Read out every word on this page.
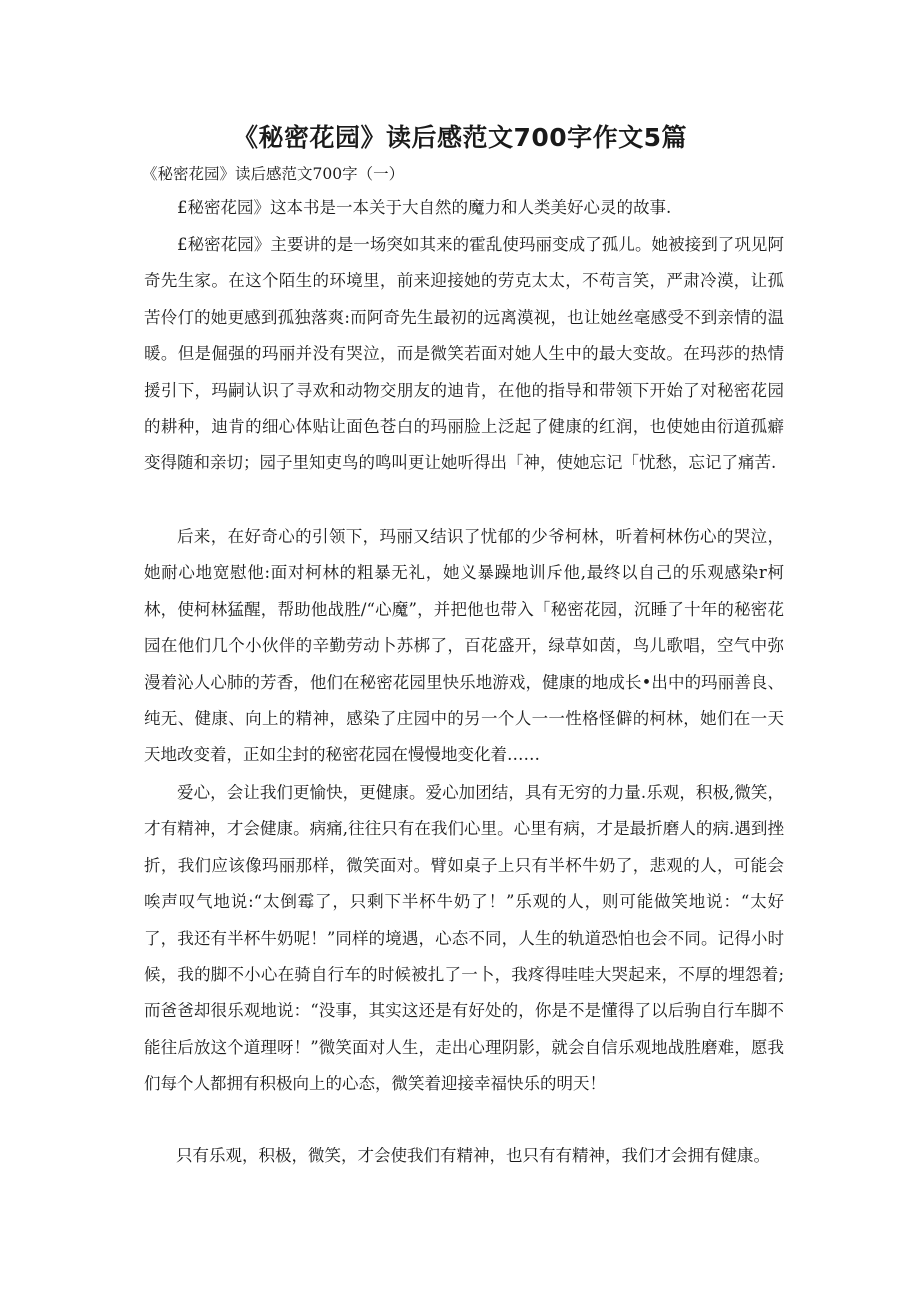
《秘密花园》读后感范文700字作文5篇

《秘密花园》读后感范文700字（一）

£秘密花园》这本书是一本关于大自然的魔力和人类美好心灵的故事.

£秘密花园》主要讲的是一场突如其来的霍乱使玛丽变成了孤儿。她被接到了巩见阿奇先生家。在这个陌生的环境里，前来迎接她的劳克太太，不苟言笑，严肃冷漠，让孤苦伶仃的她更感到孤独落爽:而阿奇先生最初的远离漠视，也让她丝毫感受不到亲情的温暖。但是倔强的玛丽并没有哭泣，而是微笑若面对她人生中的最大变故。在玛莎的热情援引下，玛嗣认识了寻欢和动物交朋友的迪肯，在他的指导和带领下开始了对秘密花园的耕种，迪肯的细心体贴让面色苍白的玛丽脸上泛起了健康的红润，也使她由衍道孤癖变得随和亲切；园子里知吏鸟的鸣叫更让她听得出「神，使她忘记「忧愁，忘记了痛苦.

后来，在好奇心的引领下，玛丽又结识了忧郁的少爷柯林，听着柯林伤心的哭泣，她耐心地宽慰他:面对柯林的粗暴无礼，她义暴躁地训斥他,最终以自己的乐观感染r柯林，使柯林猛醒，帮助他战胜/“心魔”，并把他也带入「秘密花园，沉睡了十年的秘密花园在他们几个小伙伴的辛勤劳动卜苏梆了，百花盛开，绿草如茵，鸟儿歌唱，空气中弥漫着沁人心肺的芳香，他们在秘密花园里快乐地游戏，健康的地成长•出中的玛丽善良、纯无、健康、向上的精神，感染了庄园中的另一个人一一性格怪僻的柯林，她们在一天天地改变着，正如尘封的秘密花园在慢慢地变化着……

爱心，会让我们更愉快，更健康。爱心加团结，具有无穷的力量.乐观，积极,微笑，才有精神，才会健康。病痛,往往只有在我们心里。心里有病，才是最折磨人的病.遇到挫折，我们应该像玛丽那样，微笑面对。臂如桌子上只有半杯牛奶了，悲观的人，可能会唉声叹气地说:“太倒霉了，只剩下半杯牛奶了！”乐观的人，则可能做笑地说：“太好了，我还有半杯牛奶呢！”同样的境遇，心态不同，人生的轨道恐怕也会不同。记得小时候，我的脚不小心在骑自行车的时候被扎了一卜，我疼得哇哇大哭起来，不厚的埋怨着;而爸爸却很乐观地说：“没事，其实这还是有好处的，你是不是懂得了以后驹自行车脚不能往后放这个道理呀！”微笑面对人生，走出心理阴影，就会自信乐观地战胜磨难，愿我们每个人都拥有积极向上的心态，微笑着迎接幸福快乐的明天！

只有乐观，积极，微笑，才会使我们有精神，也只有有精神，我们才会拥有健康。
